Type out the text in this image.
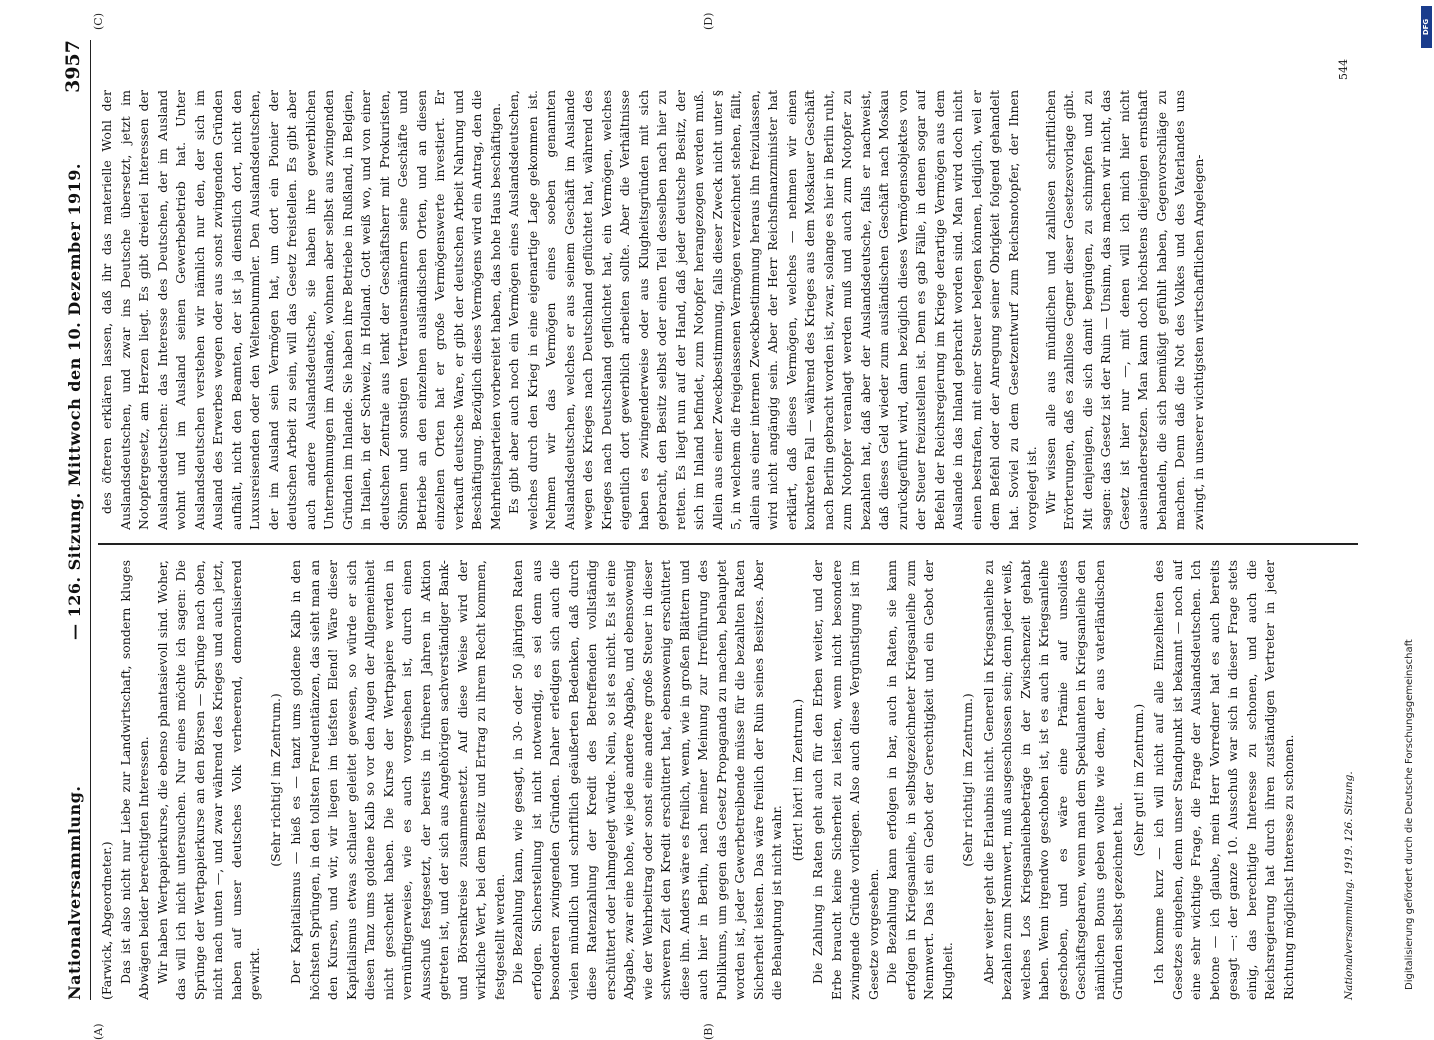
Nationalversammlung.
— 126. Sitzung. Mittwoch den 10. Dezember 1919.
3957
(A)	(B)
(C)	(D)

(Farwick, Abgeordneter.) Das ist also nicht nur Liebe zur Landwirtschaft, sondern kluges Abwägen beider berechtigten Interessen. Wir haben Wertpapierkurse, die ebenso phantasievoll sind. Woher, das will ich nicht untersuchen. Nur eines möchte ich sagen: Die Sprünge der Wertpapierkurse an den Börsen — Sprünge nach oben, nicht nach unten —, und zwar während des Krieges und auch jetzt, haben auf unser deutsches Volk verheerend, demoralisierend gewirkt.

(Sehr richtig! im Zentrum.) Der Kapitalismus — hieß es — tanzt ums goldene Kalb in den höchsten Sprüngen, in den tollsten Freudentänzen, das sieht man an den Kursen, und wir, wir liegen im tiefsten Elend! Wäre dieser Kapitalismus etwas schlauer geleitet gewesen, so würde er sich diesen Tanz ums goldene Kalb so vor den Augen der Allgemeinheit nicht geschenkt haben. Die Kurse der Wertpapiere werden in vernünftigerweise, wie es auch vorgesehen ist, durch einen Ausschuß festgesetzt, der bereits in früheren Jahren in Aktion getreten ist, und der sich aus Angehörigen sachverständiger Bank- und Börsenkreise zusammensetzt. Auf diese Weise wird der wirkliche Wert, bei dem Besitz und Ertrag zu ihrem Recht kommen, festgestellt werden. Die Bezahlung kann, wie gesagt, in 30- oder 50 jährigen Raten erfolgen. Sicherstellung ist nicht notwendig, es sei denn aus besonderen zwingenden Gründen. Daher erledigen sich auch die vielen mündlich und schriftlich geäußerten Bedenken, daß durch diese Ratenzahlung der Kredit des Betreffenden vollständig erschüttert oder lahmgelegt würde. Nein, so ist es nicht. Es ist eine Abgabe, zwar eine hohe, wie jede andere Abgabe, und ebensowenig wie der Wehrbeitrag oder sonst eine andere große Steuer in dieser schweren Zeit den Kredit erschüttert hat, ebensowenig erschüttert diese ihn. Anders wäre es freilich, wenn, wie in großen Blättern und auch hier in Berlin, nach meiner Meinung zur Irreführung des Publikums, um gegen das Gesetz Propaganda zu machen, behauptet worden ist, jeder Gewerbetreibende müsse für die bezahlten Raten Sicherheit leisten. Das wäre freilich der Ruin seines Besitzes. Aber die Behauptung ist nicht wahr.

(Hört! hört! im Zentrum.) Die Zahlung in Raten geht auch für den Erben weiter, und der Erbe braucht keine Sicherheit zu leisten, wenn nicht besondere zwingende Gründe vorliegen. Also auch diese Vergünstigung ist im Gesetze vorgesehen. Die Bezahlung kann erfolgen in bar, auch in Raten, sie kann erfolgen in Kriegsanleihe, in selbstgezeichneter Kriegsanleihe zum Nennwert. Das ist ein Gebot der Gerechtigkeit und ein Gebot der Klugheit.

(Sehr richtig! im Zentrum.) Aber weiter geht die Erlaubnis nicht. Generell in Kriegsanleihe zu bezahlen zum Nennwert, muß ausgeschlossen sein; denn jeder weiß, welches Los Kriegsanleihebeträge in der Zwischenzeit gehabt haben. Wenn irgendwo geschoben ist, ist es auch in Kriegsanleihe geschoben, und es wäre eine Prämie auf unsolides Geschäftsgebaren, wenn man dem Spekulanten in Kriegsanleihe den nämlichen Bonus geben wollte wie dem, der aus vaterländischen Gründen selbst gezeichnet hat.

(Sehr gut! im Zentrum.) Ich komme kurz — ich will nicht auf alle Einzelheiten des Gesetzes eingehen, denn unser Standpunkt ist bekannt — noch auf eine sehr wichtige Frage, die Frage der Auslandsdeutschen. Ich betone — ich glaube, mein Herr Vorredner hat es auch bereits gesagt —: der ganze 10. Ausschuß war sich in dieser Frage stets einig, das berechtigte Interesse zu schonen, und auch die Reichsregierung hat durch ihren zuständigen Vertreter in jeder Richtung möglichst Interesse zu schonen.

des öfteren erklären lassen, daß ihr das materielle Wohl der Auslandsdeutschen, und zwar ins Deutsche übersetzt, jetzt im Notopfergesetz, am Herzen liegt. Es gibt dreierlei Interessen der Auslandsdeutschen: das Interesse des Deutschen, der im Ausland wohnt und im Ausland seinen Gewerbebetrieb hat. Unter Auslandsdeutschen verstehen wir nämlich nur den, der sich im Ausland des Erwerbes wegen oder aus sonst zwingenden Gründen aufhält, nicht den Beamten, der ist ja dienstlich dort, nicht den Luxusreisenden oder den Weltenbummler. Den Auslandsdeutschen, der im Ausland sein Vermögen hat, um dort ein Pionier der deutschen Arbeit zu sein, will das Gesetz freistellen. Es gibt aber auch andere Auslandsdeutsche, sie haben ihre gewerblichen Unternehmungen im Auslande, wohnen aber selbst aus zwingenden Gründen im Inlande. Sie haben ihre Betriebe in Rußland, in Belgien, in Italien, in der Schweiz, in Holland. Gott weiß wo, und von einer deutschen Zentrale aus lenkt der Geschäftsherr mit Prokuristen, Söhnen und sonstigen Vertrauensmännern seine Geschäfte und Betriebe an den einzelnen ausländischen Orten, und an diesen einzelnen Orten hat er große Vermögenswerte investiert. Er verkauft deutsche Ware, er gibt der deutschen Arbeit Nahrung und Beschäftigung. Bezüglich dieses Vermögens wird ein Antrag, den die Mehrheitsparteien vorbereitet haben, das hohe Haus beschäftigen. Es gibt aber auch noch ein Vermögen eines Auslandsdeutschen, welches durch den Krieg in eine eigenartige Lage gekommen ist. Nehmen wir das Vermögen eines soeben genannten Auslandsdeutschen, welches er aus seinem Geschäft im Auslande wegen des Krieges nach Deutschland geflüchtet hat, während des Krieges nach Deutschland geflüchtet hat, ein Vermögen, welches eigentlich dort gewerblich arbeiten sollte. Aber die Verhältnisse haben es zwingenderweise oder aus Klugheitsgründen mit sich gebracht, den Besitz selbst oder einen Teil desselben nach hier zu retten. Es liegt nun auf der Hand, daß jeder deutsche Besitz, der sich im Inland befindet, zum Notopfer herangezogen werden muß. Allein aus einer Zweckbestimmung, falls dieser Zweck nicht unter § 5, in welchem die freigelassenen Vermögen verzeichnet stehen, fällt, allein aus einer internen Zweckbestimmung heraus ihn freizulassen, wird nicht angängig sein. Aber der Herr Reichsfinanzminister hat erklärt, daß dieses Vermögen, welches — nehmen wir einen konkreten Fall — während des Krieges aus dem Moskauer Geschäft nach Berlin gebracht worden ist, zwar, solange es hier in Berlin ruht, zum Notopfer veranlagt werden muß und auch zum Notopfer zu bezahlen hat, daß aber der Auslandsdeutsche, falls er nachweist, daß dieses Geld wieder zum ausländischen Geschäft nach Moskau zurückgeführt wird, dann bezüglich dieses Vermögensobjektes von der Steuer freizustellen ist. Denn es gab Fälle, in denen sogar auf Befehl der Reichsregierung im Kriege derartige Vermögen aus dem Auslande in das Inland gebracht worden sind. Man wird doch nicht einen bestrafen, mit einer Steuer belegen können, lediglich, weil er dem Befehl oder der Anregung seiner Obrigkeit folgend gehandelt hat. Soviel zu dem Gesetzentwurf zum Reichsnotopfer, der Ihnen vorgelegt ist. Wir wissen alle aus mündlichen und zahllosen schriftlichen Erörterungen, daß es zahllose Gegner dieser Gesetzesvorlage gibt. Mit denjenigen, die sich damit begnügen, zu schimpfen und zu sagen: das Gesetz ist der Ruin — Unsinn, das machen wir nicht, das Gesetz ist hier nur —, mit denen will ich mich hier nicht auseinandersetzen. Man kann doch höchstens diejenigen ernsthaft behandeln, die sich bemüßigt gefühlt haben, Gegenvorschläge zu machen. Denn daß die Not des Volkes und des Vaterlandes uns zwingt, in unserer wichtigsten wirtschaftlichen Angelegen-

Nationalversammlung. 1919. 126. Sitzung.
544
Digitalisierung gefördert durch die Deutsche Forschungsgemeinschaft
DFG
